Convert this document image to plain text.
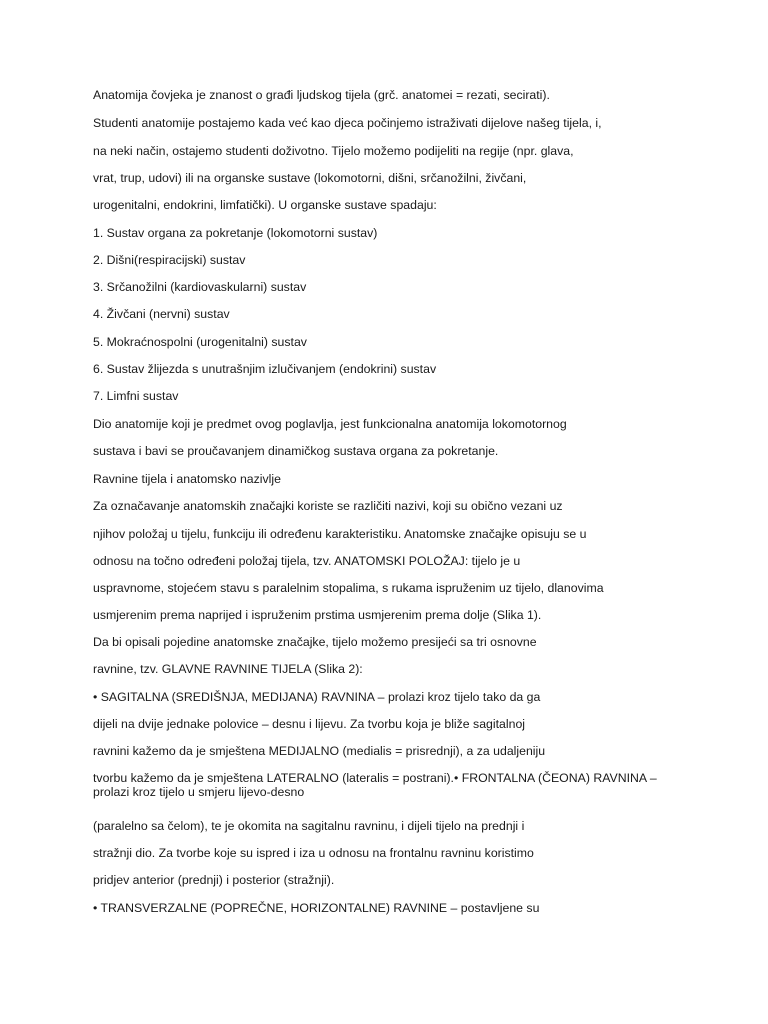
Anatomija čovjeka je znanost o građi ljudskog tijela (grč. anatomei = rezati, secirati).

Studenti anatomije postajemo kada već kao djeca počinjemo istraživati dijelove našeg tijela, i,

na neki način, ostajemo studenti doživotno. Tijelo možemo podijeliti na regije (npr. glava,

vrat, trup, udovi) ili na organske sustave (lokomotorni, dišni, srčanožilni, živčani,

urogenitalni, endokrini, limfatički). U organske sustave spadaju:

1. Sustav organa za pokretanje (lokomotorni sustav)

2. Dišni(respiracijski) sustav

3. Srčanožilni (kardiovaskularni) sustav

4. Živčani (nervni) sustav

5. Mokraćnospolni (urogenitalni) sustav

6. Sustav žlijezda s unutrašnjim izlučivanjem (endokrini) sustav

7. Limfni sustav

Dio anatomije koji je predmet ovog poglavlja, jest funkcionalna anatomija lokomotornog

sustava i bavi se proučavanjem dinamičkog sustava organa za pokretanje.

Ravnine tijela i anatomsko nazivlje

Za označavanje anatomskih značajki koriste se različiti nazivi, koji su obično vezani uz

njihov položaj u tijelu, funkciju ili određenu karakteristiku. Anatomske značajke opisuju se u

odnosu na točno određeni položaj tijela, tzv. ANATOMSKI POLOŽAJ: tijelo je u

uspravnome, stojećem stavu s paralelnim stopalima, s rukama ispruženim uz tijelo, dlanovima

usmjerenim prema naprijed i ispruženim prstima usmjerenim prema dolje (Slika 1).

Da bi opisali pojedine anatomske značajke, tijelo možemo presijeći sa tri osnovne

ravnine, tzv. GLAVNE RAVNINE TIJELA (Slika 2):

• SAGITALNA (SREDIŠNJA, MEDIJANA) RAVNINA – prolazi kroz tijelo tako da ga

dijeli na dvije jednake polovice – desnu i lijevu. Za tvorbu koja je bliže sagitalnoj

ravnini kažemo da je smještena MEDIJALNO (medialis = prisrednji), a za udaljeniju

tvorbu kažemo da je smještena LATERALNO (lateralis = postrani).• FRONTALNA (ČEONA) RAVNINA – prolazi kroz tijelo u smjeru lijevo-desno

(paralelno sa čelom), te je okomita na sagitalnu ravninu, i dijeli tijelo na prednji i

stražnji dio. Za tvorbe koje su ispred i iza u odnosu na frontalnu ravninu koristimo

pridjev anterior (prednji) i posterior (stražnji).

• TRANSVERZALNE (POPREČNE, HORIZONTALNE) RAVNINE – postavljene su
